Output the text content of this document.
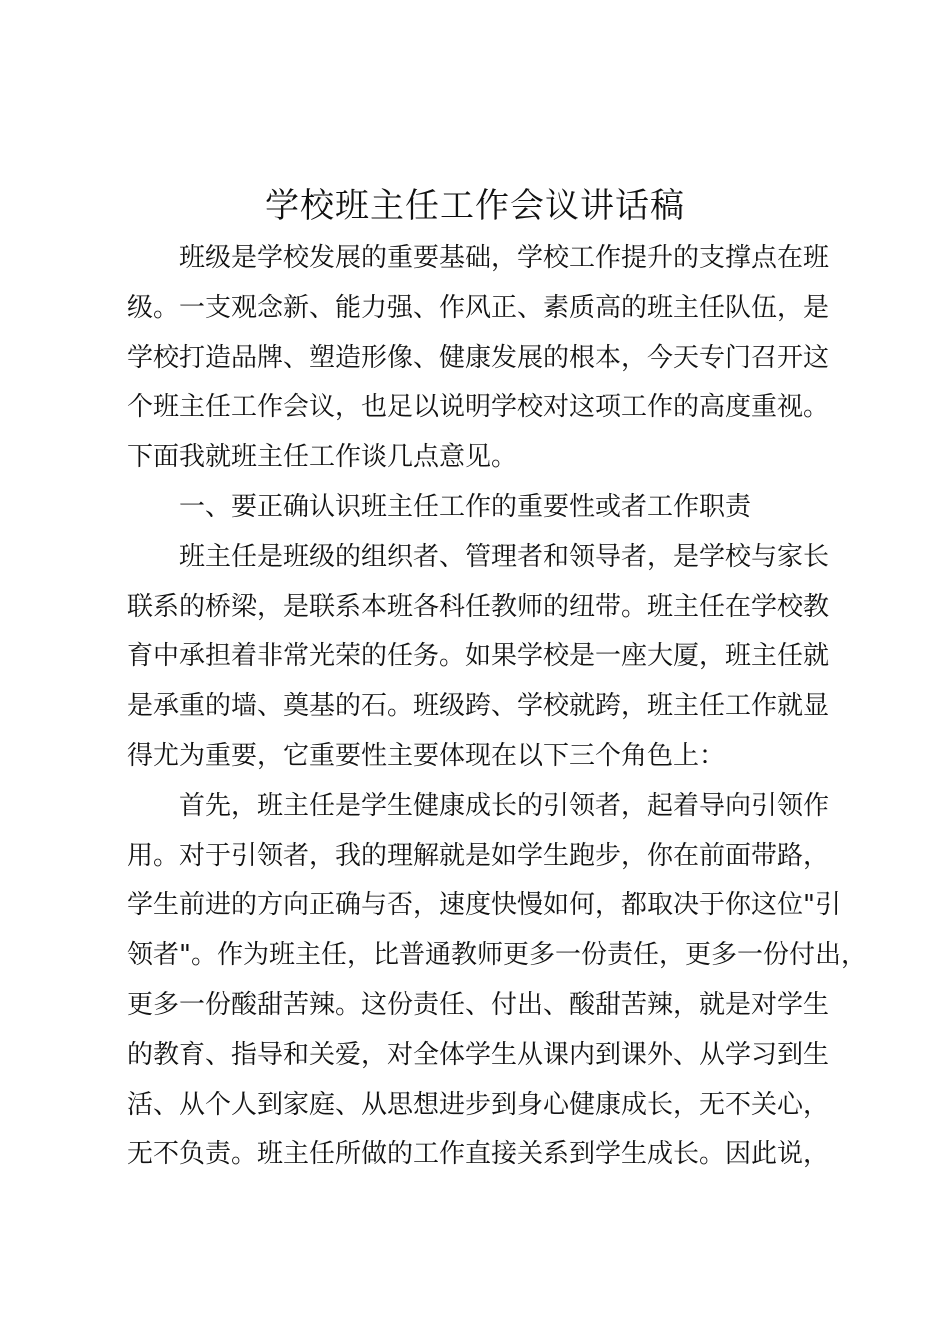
学校班主任工作会议讲话稿
班级是学校发展的重要基础，学校工作提升的支撑点在班
级。一支观念新、能力强、作风正、素质高的班主任队伍，是
学校打造品牌、塑造形像、健康发展的根本，今天专门召开这
个班主任工作会议，也足以说明学校对这项工作的高度重视。
下面我就班主任工作谈几点意见。
一、要正确认识班主任工作的重要性或者工作职责
班主任是班级的组织者、管理者和领导者，是学校与家长
联系的桥梁，是联系本班各科任教师的纽带。班主任在学校教
育中承担着非常光荣的任务。如果学校是一座大厦，班主任就
是承重的墙、奠基的石。班级跨、学校就跨，班主任工作就显
得尤为重要，它重要性主要体现在以下三个角色上：
首先，班主任是学生健康成长的引领者，起着导向引领作
用。对于引领者，我的理解就是如学生跑步，你在前面带路，
学生前进的方向正确与否，速度快慢如何，都取决于你这位"引
领者"。作为班主任，比普通教师更多一份责任，更多一份付出，
更多一份酸甜苦辣。这份责任、付出、酸甜苦辣，就是对学生
的教育、指导和关爱，对全体学生从课内到课外、从学习到生
活、从个人到家庭、从思想进步到身心健康成长，无不关心，
无不负责。班主任所做的工作直接关系到学生成长。因此说，
